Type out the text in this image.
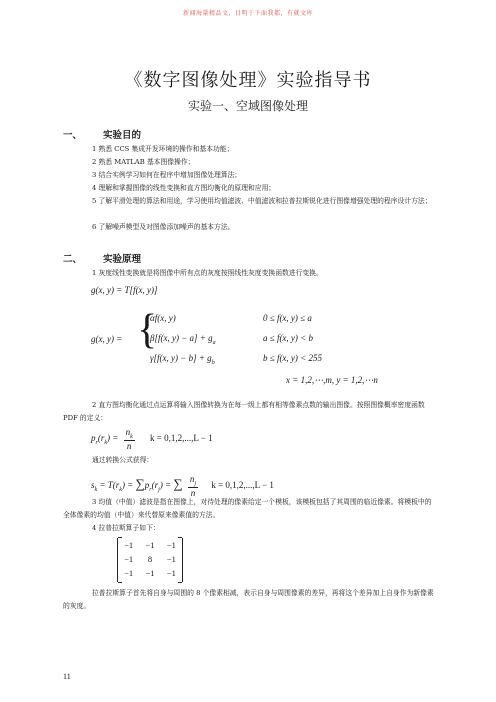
新闻海量精品文，目明于下面我都，有就文库
《数字图像处理》实验指导书
实验一、空域图像处理
一、 实验目的
1 熟悉 CCS 集成开发环境的操作和基本功能；
2 熟悉 MATLAB 基本图像操作；
3 结合实例学习如何在程序中增加图像处理算法；
4 理解和掌握图像的线性变换和直方图均衡化的原理和应用；
5 了解平滑处理的算法和用途，学习使用均值滤波、中值滤波和拉普拉斯锐化进行图像增强处理的程序设计方法；
6 了解噪声模型及对图像添加噪声的基本方法。
二、 实验原理
1 灰度线性变换就是将图像中所有点的灰度按照线性灰度变换函数进行变换。
g(x, y) = T[f(x, y)]
g(x, y) = {
αf(x, y)	0 ≤ f(x, y) ≤ a
β[f(x, $y) - a] + g_a$	a ≤ f(x, y) < b
γ[f(x, $y) - b] + g_b$	b ≤ f(x, y) < 255
x = 1,2,⋯,m, y = 1,2,⋯n
2 直方图均衡化通过点运算将输入图像转换为在每一级上都有相等像素点数的输出图像。按照图像概率密度函数 PDF 的定义：
$p_r(r_k) = \frac{n_k}{n}$ k = 0,1,2,...,L − 1
通过转换公式获得：
$s_k = T(r_k) = \sum p_r(r_j)$ = ∑ $\frac{n_j}{n}$ k = 0,1,2,...,L − 1
3 均值（中值）滤波是指在图像上，对待处理的像素给定一个模板，该模板包括了其周围的临近像素。将模板中的全体像素的均值（中值）来代替原来像素值的方法。
4 拉普拉斯算子如下：
−1	−1	−1
−1	8	−1
−1	−1	−1
拉普拉斯算子首先将自身与周围的 8 个像素相减，表示自身与周围像素的差异，再将这个差异加上自身作为新像素的灰度。
11
